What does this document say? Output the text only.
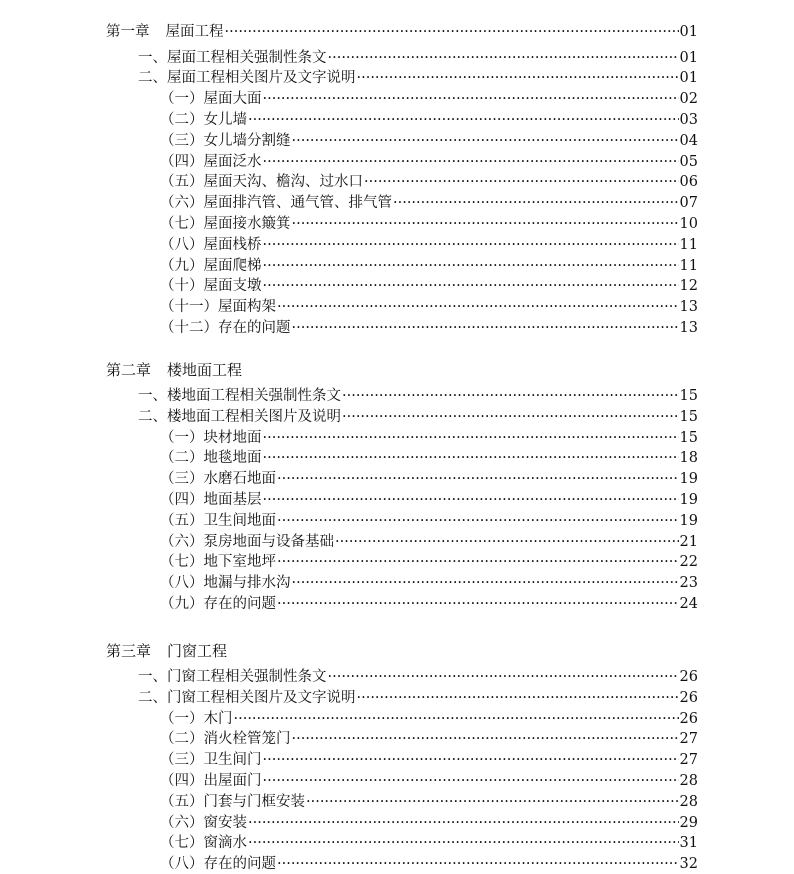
第一章 屋面工程 ·····	01
一、屋面工程相关强制性条文 ·····	01
二、屋面工程相关图片及文字说明 ·····	01
（一）屋面大面 ·····	02
（二）女儿墙 ·····	03
（三）女儿墙分割缝 ·····	04
（四）屋面泛水 ·····	05
（五）屋面天沟、檐沟、过水口 ·····	06
（六）屋面排汽管、通气管、排气管 ·····	07
（七）屋面接水簸箕 ·····	10
（八）屋面栈桥 ·····	11
（九）屋面爬梯 ·····	11
（十）屋面支墩 ·····	12
（十一）屋面构架 ·····	13
（十二）存在的问题 ·····	13
第二章 楼地面工程
一、楼地面工程相关强制性条文 ·····	15
二、楼地面工程相关图片及说明 ·····	15
（一）块材地面 ·····	15
（二）地毯地面 ·····	18
（三）水磨石地面 ·····	19
（四）地面基层 ·····	19
（五）卫生间地面 ·····	19
（六）泵房地面与设备基础 ·····	21
（七）地下室地坪 ·····	22
（八）地漏与排水沟 ·····	23
（九）存在的问题 ·····	24
第三章 门窗工程
一、门窗工程相关强制性条文 ·····	26
二、门窗工程相关图片及文字说明 ·····	26
（一）木门 ·····	26
（二）消火栓管笼门 ·····	27
（三）卫生间门 ·····	27
（四）出屋面门 ·····	28
（五）门套与门框安装 ·····	28
（六）窗安装 ·····	29
（七）窗滴水 ·····	31
（八）存在的问题 ·····	32
